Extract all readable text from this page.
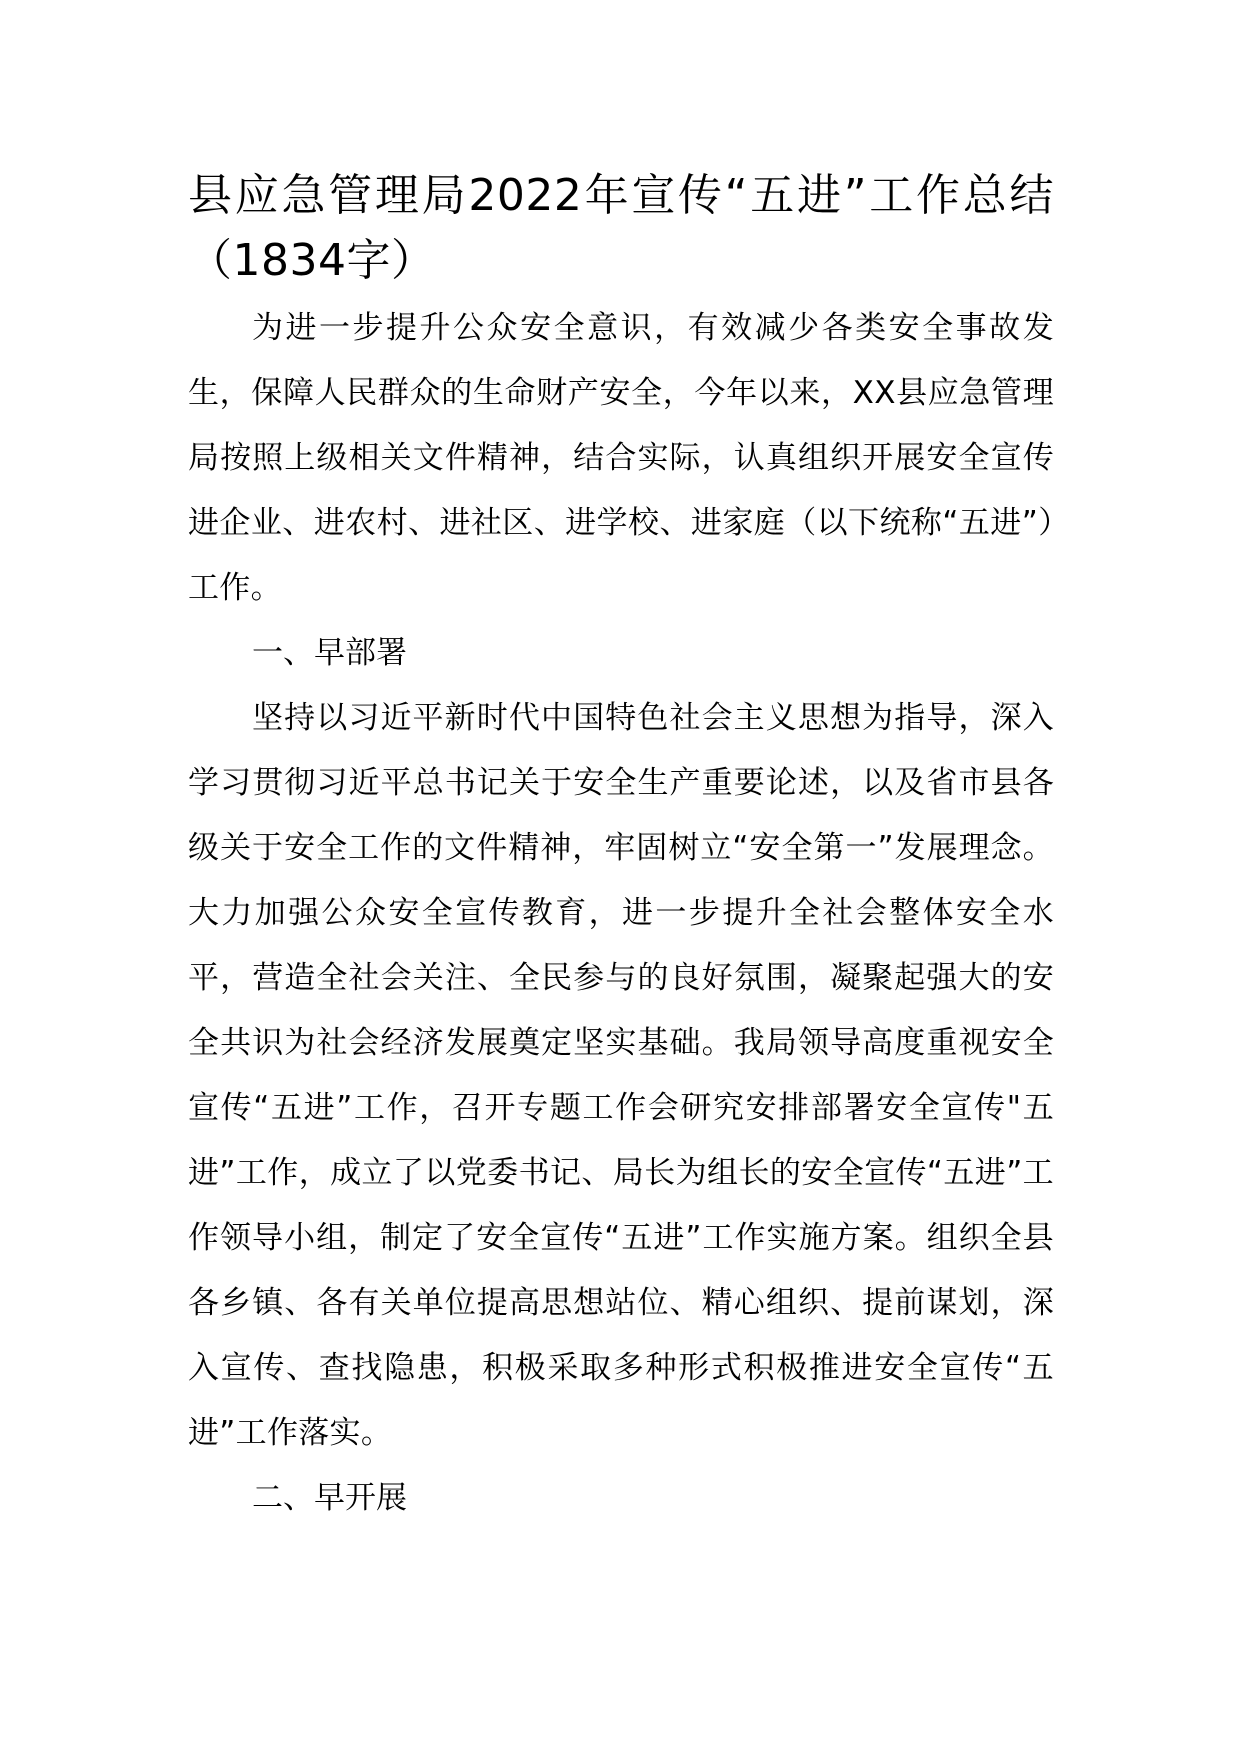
县应急管理局2022年宣传“五进”工作总结（1834字）

为进一步提升公众安全意识，有效减少各类安全事故发生，保障人民群众的生命财产安全，今年以来，XX县应急管理局按照上级相关文件精神，结合实际，认真组织开展安全宣传进企业、进农村、进社区、进学校、进家庭（以下统称“五进”）工作。

一、早部署

坚持以习近平新时代中国特色社会主义思想为指导，深入学习贯彻习近平总书记关于安全生产重要论述，以及省市县各级关于安全工作的文件精神，牢固树立“安全第一”发展理念。大力加强公众安全宣传教育，进一步提升全社会整体安全水平，营造全社会关注、全民参与的良好氛围，凝聚起强大的安全共识为社会经济发展奠定坚实基础。我局领导高度重视安全宣传“五进”工作，召开专题工作会研究安排部署安全宣传"五进”工作，成立了以党委书记、局长为组长的安全宣传“五进”工作领导小组，制定了安全宣传“五进”工作实施方案。组织全县各乡镇、各有关单位提高思想站位、精心组织、提前谋划，深入宣传、查找隐患，积极采取多种形式积极推进安全宣传“五进”工作落实。

二、早开展
